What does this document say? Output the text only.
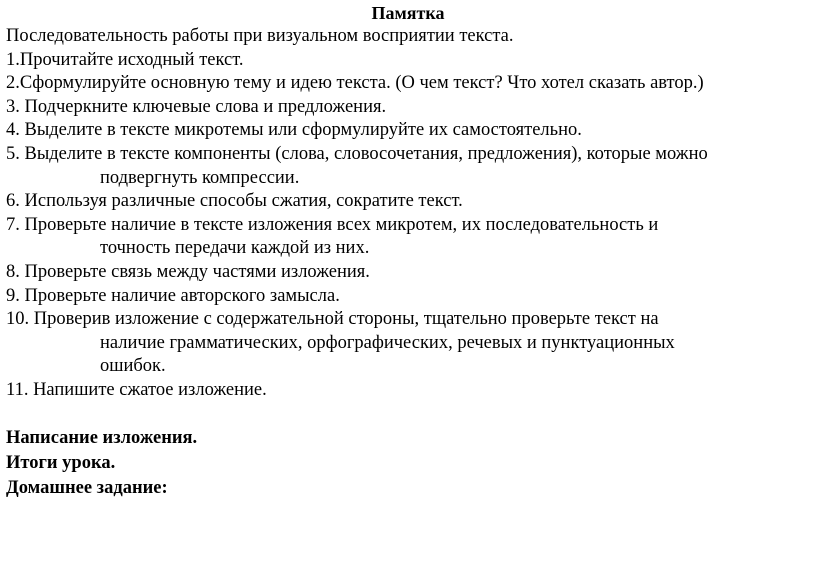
Памятка

Последовательность работы при визуальном восприятии текста.

1.Прочитайте исходный текст.

2.Сформулируйте основную тему и идею текста. (О чем текст? Что хотел сказать автор.)

3. Подчеркните ключевые слова и предложения.

4. Выделите в тексте микротемы или сформулируйте их самостоятельно.

5. Выделите в тексте компоненты (слова, словосочетания, предложения), которые можно

подвергнуть компрессии.

6. Используя различные способы сжатия, сократите текст.

7. Проверьте наличие в тексте изложения всех микротем, их последовательность и

точность передачи каждой из них.

8. Проверьте связь между частями изложения.

9. Проверьте наличие авторского замысла.

10. Проверив изложение с содержательной стороны, тщательно проверьте текст на

наличие грамматических, орфографических, речевых и пунктуационных

ошибок.

11. Напишите сжатое изложение.

Написание изложения.

Итоги урока.

Домашнее задание:
